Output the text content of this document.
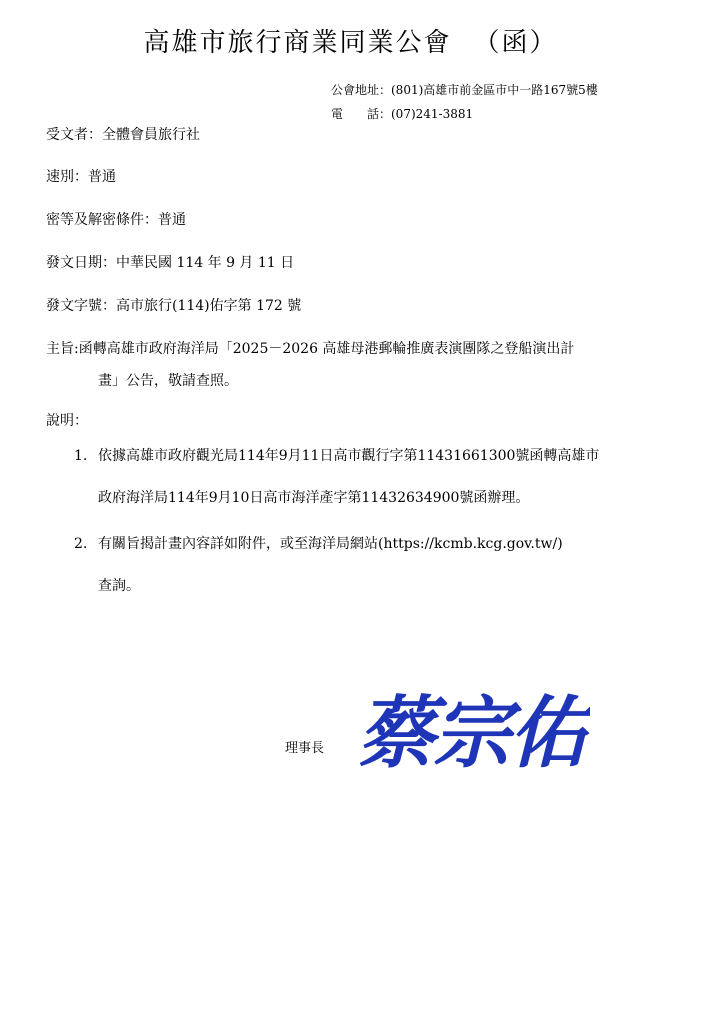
高雄市旅行商業同業公會 （函）
公會地址：(801)高雄市前金區市中一路167號5樓
電　　話：(07)241-3881
受文者：全體會員旅行社
速別：普通
密等及解密條件：普通
發文日期：中華民國 114 年 9 月 11 日
發文字號：高市旅行(114)佑字第 172 號
主旨:函轉高雄市政府海洋局「2025－2026 高雄母港郵輪推廣表演團隊之登船演出計
畫」公告，敬請查照。
說明：
1. 依據高雄市政府觀光局114年9月11日高市觀行字第11431661300號函轉高雄市
政府海洋局114年9月10日高市海洋產字第11432634900號函辦理。
2. 有關旨揭計畫內容詳如附件，或至海洋局網站(https://kcmb.kcg.gov.tw/)
查詢。
理事長 蔡宗佑
